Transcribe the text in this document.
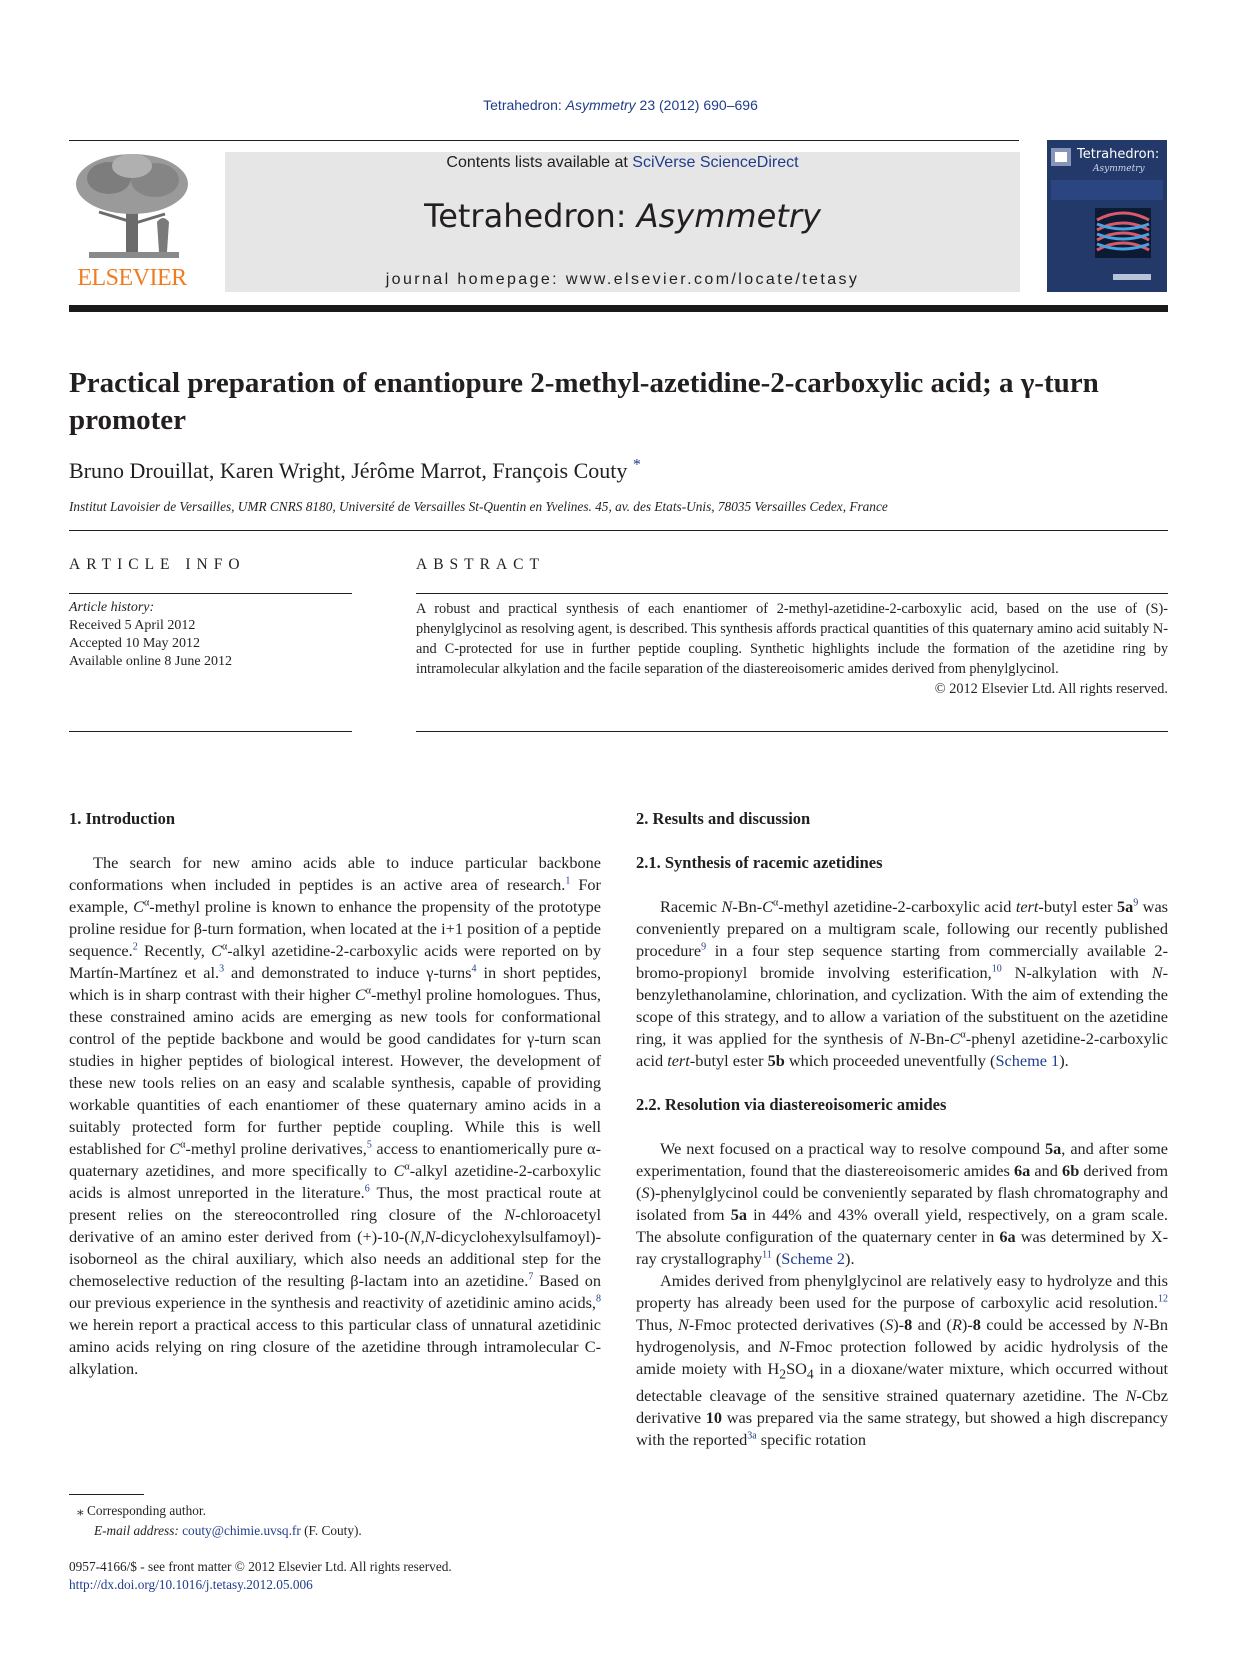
Tetrahedron: Asymmetry 23 (2012) 690–696
ELSEVIER
Contents lists available at SciVerse ScienceDirect
Tetrahedron: Asymmetry
journal homepage: www.elsevier.com/locate/tetasy
Tetrahedron:
Asymmetry
Practical preparation of enantiopure 2-methyl-azetidine-2-carboxylic acid; a γ-turn promoter
Bruno Drouillat, Karen Wright, Jérôme Marrot, François Couty *
Institut Lavoisier de Versailles, UMR CNRS 8180, Université de Versailles St-Quentin en Yvelines. 45, av. des Etats-Unis, 78035 Versailles Cedex, France
ARTICLE INFO
Article history:
Received 5 April 2012
Accepted 10 May 2012
Available online 8 June 2012
ABSTRACT
A robust and practical synthesis of each enantiomer of 2-methyl-azetidine-2-carboxylic acid, based on the use of (S)-phenylglycinol as resolving agent, is described. This synthesis affords practical quantities of this quaternary amino acid suitably N- and C-protected for use in further peptide coupling. Synthetic highlights include the formation of the azetidine ring by intramolecular alkylation and the facile separation of the diastereoisomeric amides derived from phenylglycinol.
© 2012 Elsevier Ltd. All rights reserved.
1. Introduction

The search for new amino acids able to induce particular backbone conformations when included in peptides is an active area of research.$^1$ For example, $C^\alpha$-methyl proline is known to enhance the propensity of the prototype proline residue for β-turn formation, when located at the i+1 position of a peptide sequence.$^2$ Recently, $C^\alpha$-alkyl azetidine-2-carboxylic acids were reported on by Martín-Martínez et al.$^3$ and demonstrated to induce γ-turns$^4$ in short peptides, which is in sharp contrast with their higher $C^\alpha$-methyl proline homologues. Thus, these constrained amino acids are emerging as new tools for conformational control of the peptide backbone and would be good candidates for γ-turn scan studies in higher peptides of biological interest. However, the development of these new tools relies on an easy and scalable synthesis, capable of providing workable quantities of each enantiomer of these quaternary amino acids in a suitably protected form for further peptide coupling. While this is well established for $C^\alpha$-methyl proline derivatives,$^5$ access to enantiomerically pure α-quaternary azetidines, and more specifically to $C^\alpha$-alkyl azetidine-2-carboxylic acids is almost unreported in the literature.$^6$ Thus, the most practical route at present relies on the stereocontrolled ring closure of the N-chloroacetyl derivative of an amino ester derived from (+)-10-(N,N-dicyclohexylsulfamoyl)-isoborneol as the chiral auxiliary, which also needs an additional step for the chemoselective reduction of the resulting β-lactam into an azetidine.$^7$ Based on our previous experience in the synthesis and reactivity of azetidinic amino acids,$^8$ we herein report a practical access to this particular class of unnatural azetidinic amino acids relying on ring closure of the azetidine through intramolecular C-alkylation.

⁎ Corresponding author.
E-mail address: couty@chimie.uvsq.fr (F. Couty).
0957-4166/$ - see front matter © 2012 Elsevier Ltd. All rights reserved.
http://dx.doi.org/10.1016/j.tetasy.2012.05.006
2. Results and discussion
2.1. Synthesis of racemic azetidines

Racemic $N-Bn-C^\alpha$-methyl azetidine-2-carboxylic acid tert-butyl ester $5a^9$ was conveniently prepared on a multigram scale, following our recently published procedure$^9$ in a four step sequence starting from commercially available 2-bromo-propionyl bromide involving esterification,$^{10}$ N-alkylation with N-benzylethanolamine, chlorination, and cyclization. With the aim of extending the scope of this strategy, and to allow a variation of the substituent on the azetidine ring, it was applied for the synthesis of $N-Bn-C^\alpha$-phenyl azetidine-2-carboxylic acid tert-butyl ester 5b which proceeded uneventfully (Scheme 1).

2.2. Resolution via diastereoisomeric amides

We next focused on a practical way to resolve compound 5a, and after some experimentation, found that the diastereoisomeric amides 6a and 6b derived from (S)-phenylglycinol could be conveniently separated by flash chromatography and isolated from 5a in 44% and 43% overall yield, respectively, on a gram scale. The absolute configuration of the quaternary center in 6a was determined by X-ray crystallography$^{11}$ (Scheme 2).

Amides derived from phenylglycinol are relatively easy to hydrolyze and this property has already been used for the purpose of carboxylic acid resolution.$^{12}$ Thus, N-Fmoc protected derivatives (S)-8 and (R)-8 could be accessed by N-Bn hydrogenolysis, and N-Fmoc protection followed by acidic hydrolysis of the amide moiety with $H_2SO_4$ in a dioxane/water mixture, which occurred without detectable cleavage of the sensitive strained quaternary azetidine. The N-Cbz derivative 10 was prepared via the same strategy, but showed a high discrepancy with the reported$^{3a}$ specific rotation
